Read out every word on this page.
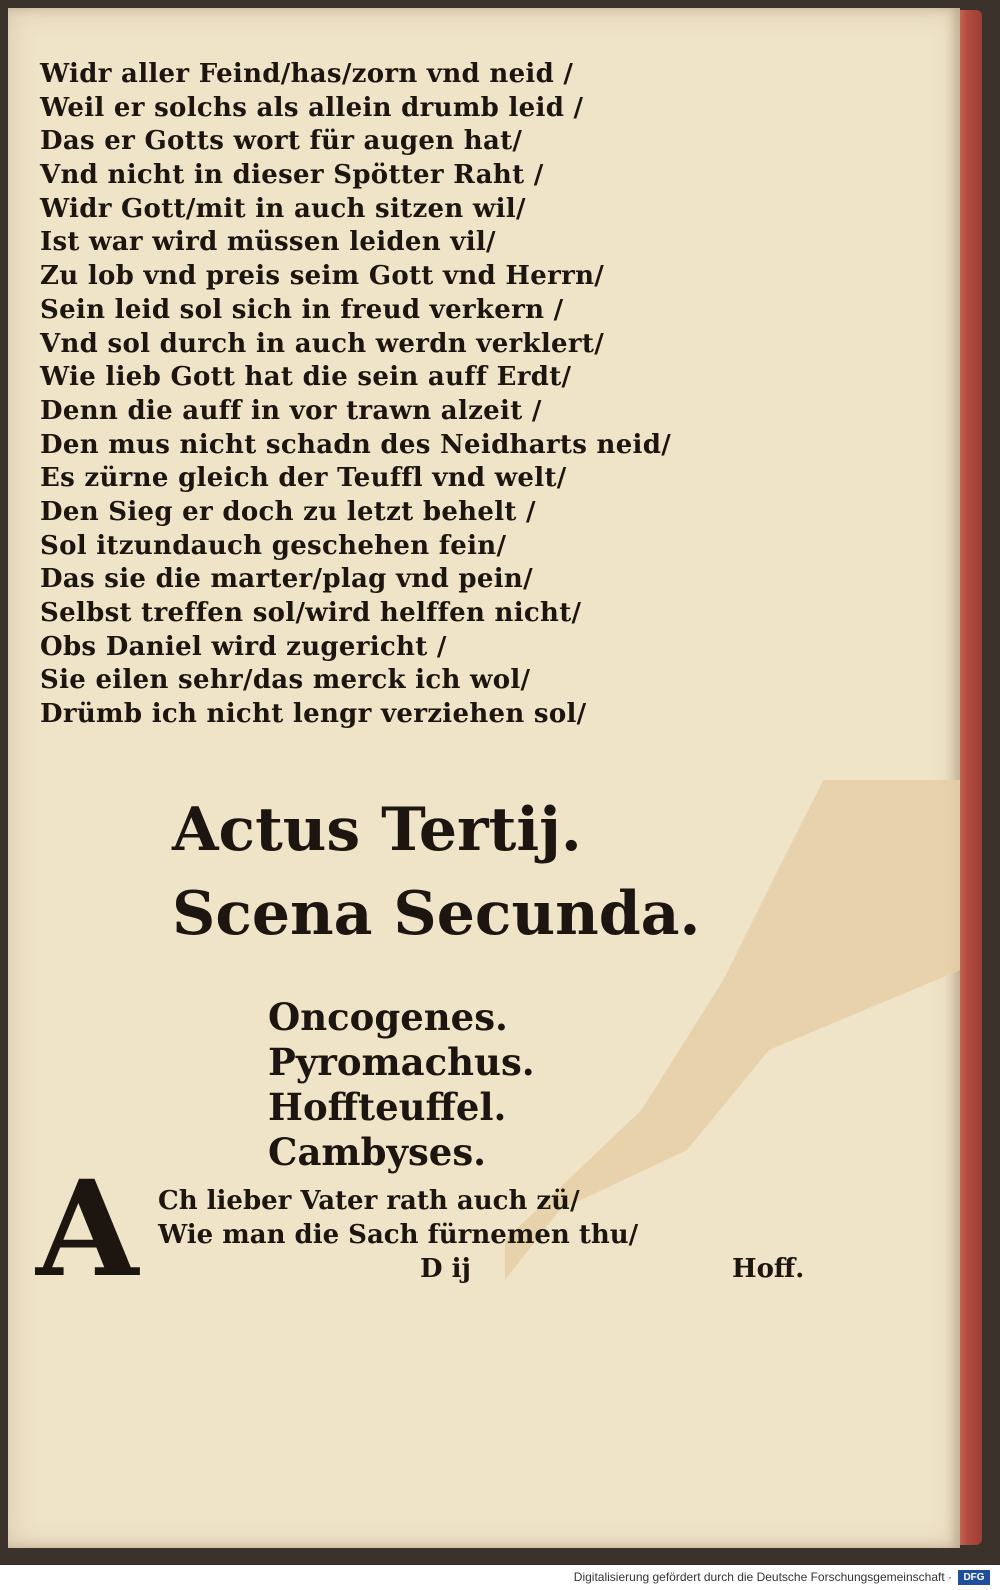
Widr aller Feind/has/zorn vnd neid /
Weil er solchs als allein drumb leid /
Das er Gotts wort für augen hat/
Vnd nicht in dieser Spötter Raht /
Widr Gott/mit in auch sitzen wil/
Ist war wird müssen leiden vil/
Zu lob vnd preis seim Gott vnd Herrn/
Sein leid sol sich in freud verkern /
Vnd sol durch in auch werdn verklert/
Wie lieb Gott hat die sein auff Erdt/
Denn die auff in vor trawn alzeit /
Den mus nicht schadn des Neidharts neid/
Es zürne gleich der Teuffl vnd welt/
Den Sieg er doch zu letzt behelt /
Sol itzundauch geschehen fein/
Das sie die marter/plag vnd pein/
Selbst treffen sol/wird helffen nicht/
Obs Daniel wird zugericht /
Sie eilen sehr/das merck ich wol/
Drümb ich nicht lengr verziehen sol/
Actus Tertij.
Scena Secunda.
Oncogenes.
Pyromachus.
Hoffteuffel.
Cambyses.
A Ch lieber Vater rath auch zü/
Wie man die Sach fürnemen thu/
D ij	Hoff.
Digitalisierung gefördert durch die Deutsche Forschungsgemeinschaft ·	DFG
